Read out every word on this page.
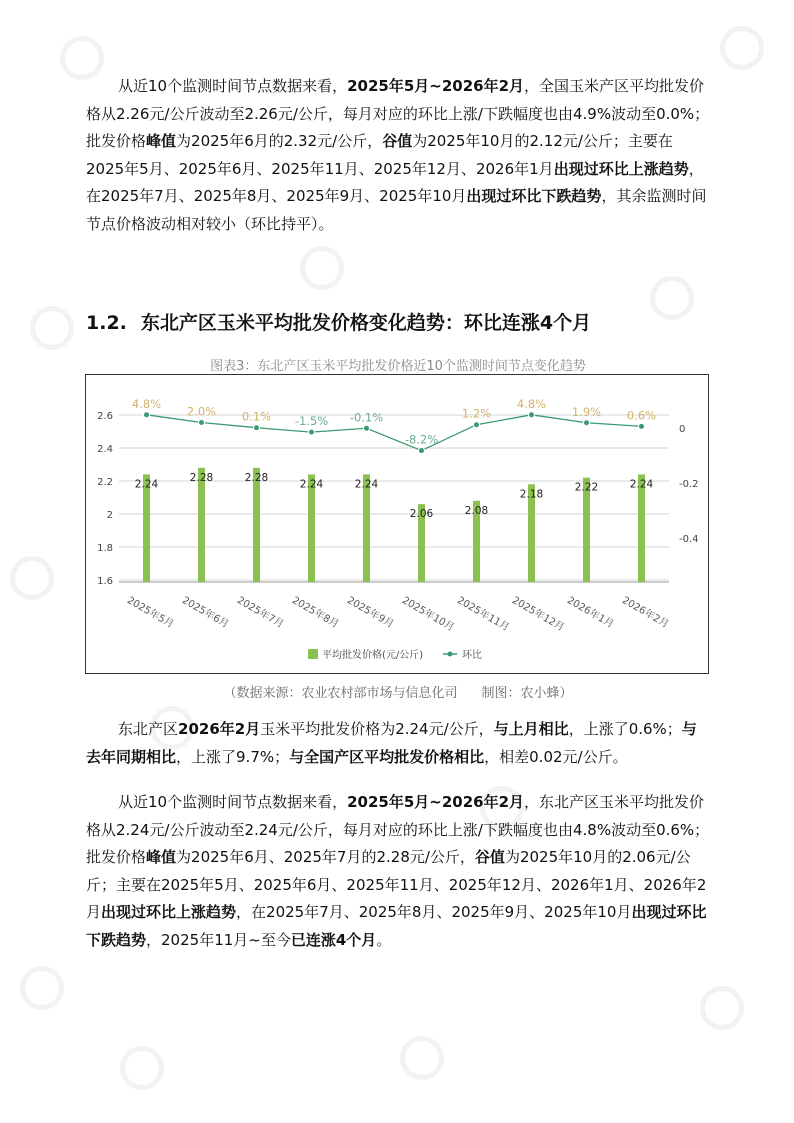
从近10个监测时间节点数据来看，2025年5月~2026年2月，全国玉米产区平均批发价格从2.26元/公斤波动至2.26元/公斤，每月对应的环比上涨/下跌幅度也由4.9%波动至0.0%；批发价格峰值为2025年6月的2.32元/公斤，谷值为2025年10月的2.12元/公斤；主要在2025年5月、2025年6月、2025年11月、2025年12月、2026年1月出现过环比上涨趋势，在2025年7月、2025年8月、2025年9月、2025年10月出现过环比下跌趋势，其余监测时间节点价格波动相对较小（环比持平）。

1.2. 东北产区玉米平均批发价格变化趋势：环比连涨4个月
图表3：东北产区玉米平均批发价格近10个监测时间节点变化趋势
1.6
1.8
2
2.2
2.4
2.6
0
-0.2
-0.4
2.24
2.28	2.28
2.24	2.24
2.06	2.08
2.18
2.22	2.24
2025年5月 2025年6月 2025年7月 2025年8月 2025年9月 2025年10月 2025年11月 2025年12月 2026年1月 2026年2月
4.8%
2.0% 0.1% -1.5% -0.1%
-8.2%
1.2%
4.8%
1.9% 0.6%
平均批发价格(元/公斤)	环比
（数据来源：农业农村部市场与信息化司 制图：农小蜂）

东北产区2026年2月玉米平均批发价格为2.24元/公斤，与上月相比，上涨了0.6%；与去年同期相比，上涨了9.7%；与全国产区平均批发价格相比，相差0.02元/公斤。

从近10个监测时间节点数据来看，2025年5月~2026年2月，东北产区玉米平均批发价格从2.24元/公斤波动至2.24元/公斤，每月对应的环比上涨/下跌幅度也由4.8%波动至0.6%；批发价格峰值为2025年6月、2025年7月的2.28元/公斤，谷值为2025年10月的2.06元/公斤；主要在2025年5月、2025年6月、2025年11月、2025年12月、2026年1月、2026年2月出现过环比上涨趋势，在2025年7月、2025年8月、2025年9月、2025年10月出现过环比下跌趋势，2025年11月~至今已连涨4个月。
